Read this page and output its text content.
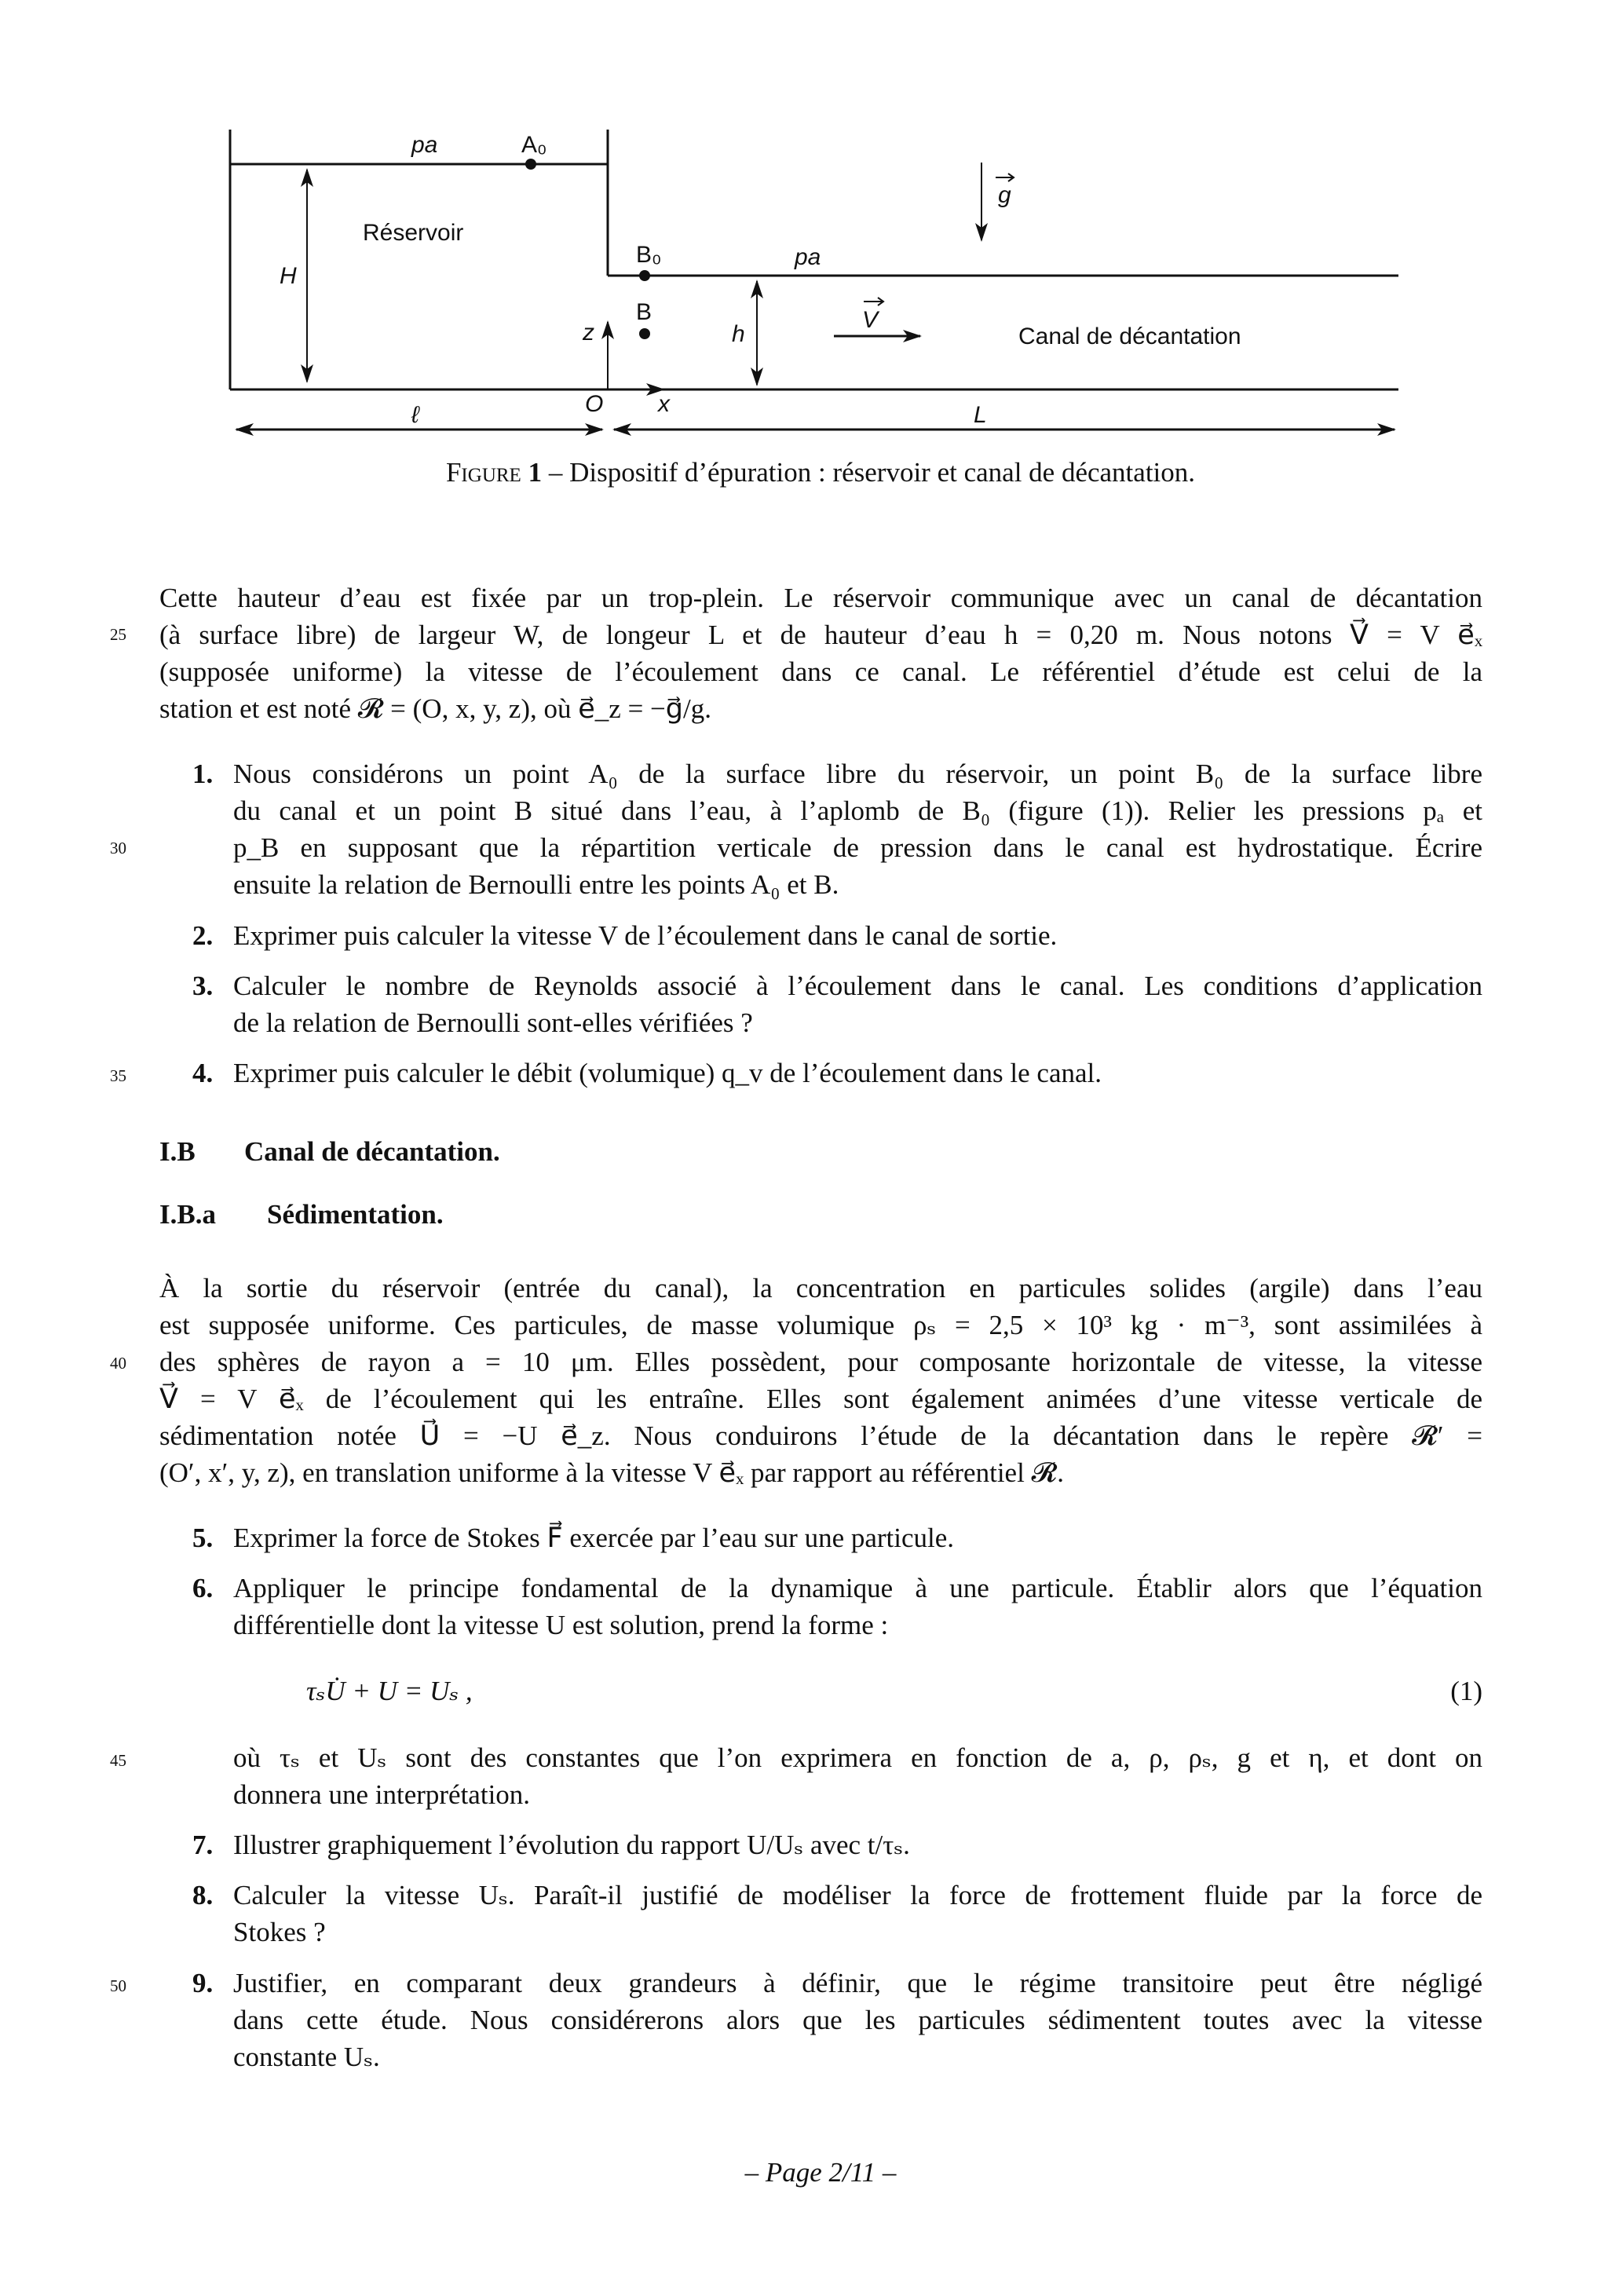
pa	A₀
Réservoir
H
g
B₀	pa
B
z	h
V
Canal de décantation
O x
ℓ	L
Figure 1 – Dispositif d’épuration : réservoir et canal de décantation.
Cette hauteur d’eau est fixée par un trop-plein. Le réservoir communique avec un canal de décantation
(à surface libre) de largeur W, de longeur L et de hauteur d’eau h = 0,20 m. Nous notons V⃗ = V e⃗ₓ
(supposée uniforme) la vitesse de l’écoulement dans ce canal. Le référentiel d’étude est celui de la
station et est noté 𝓡 = (O, x, y, z), où e⃗_z = −g⃗/g.
1. Nous considérons un point A₀ de la surface libre du réservoir, un point B₀ de la surface libre
du canal et un point B situé dans l’eau, à l’aplomb de B₀ (figure (1)). Relier les pressions pₐ et
p_B en supposant que la répartition verticale de pression dans le canal est hydrostatique. Écrire
ensuite la relation de Bernoulli entre les points A₀ et B.
2. Exprimer puis calculer la vitesse V de l’écoulement dans le canal de sortie.
3. Calculer le nombre de Reynolds associé à l’écoulement dans le canal. Les conditions d’application
de la relation de Bernoulli sont-elles vérifiées ?
4. Exprimer puis calculer le débit (volumique) q_v de l’écoulement dans le canal.
5. Exprimer la force de Stokes F⃗ exercée par l’eau sur une particule.
6. Appliquer le principe fondamental de la dynamique à une particule. Établir alors que l’équation
différentielle dont la vitesse U est solution, prend la forme :
où τₛ et Uₛ sont des constantes que l’on exprimera en fonction de a, ρ, ρₛ, g et η, et dont on
donnera une interprétation.
7. Illustrer graphiquement l’évolution du rapport U/Uₛ avec t/τₛ.
8. Calculer la vitesse Uₛ. Paraît-il justifié de modéliser la force de frottement fluide par la force de
Stokes ?
9. Justifier, en comparant deux grandeurs à définir, que le régime transitoire peut être négligé
dans cette étude. Nous considérerons alors que les particules sédimentent toutes avec la vitesse
constante Uₛ.
À la sortie du réservoir (entrée du canal), la concentration en particules solides (argile) dans l’eau
est supposée uniforme. Ces particules, de masse volumique ρₛ = 2,5 × 10³ kg · m⁻³, sont assimilées à
des sphères de rayon a = 10 μm. Elles possèdent, pour composante horizontale de vitesse, la vitesse
V⃗ = V e⃗ₓ de l’écoulement qui les entraîne. Elles sont également animées d’une vitesse verticale de
sédimentation notée U⃗ = −U e⃗_z. Nous conduirons l’étude de la décantation dans le repère 𝓡′ =
(O′, x′, y, z), en translation uniforme à la vitesse V e⃗ₓ par rapport au référentiel 𝓡.
I.B Canal de décantation.
I.B.a Sédimentation.
τₛU̇ + U = Uₛ ,	(1)
25
30
35
40
45
50
– Page 2/11 –
